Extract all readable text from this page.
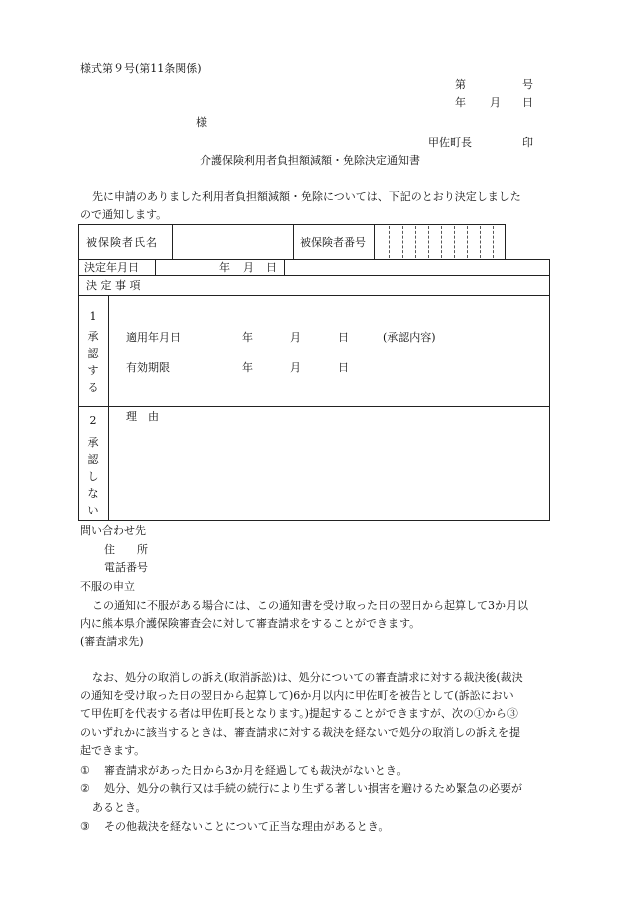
様式第９号(第11条関係)
第	号
年 月 日
様
甲佐町長	印
介護保険利用者負担額減額・免除決定通知書
先に申請のありました利用者負担額減額・免除については、下記のとおり決定しました
ので通知します。
被保険者氏名	被保険者番号
決定年月日	年 月 日
決 定 事 項
1
承
認
す
る
適用年月日	年	月	日	(承認内容)
有効期限	年	月	日
2
承
認
し
な
い
理　由
問い合わせ先
住　　所
電話番号
不服の申立
この通知に不服がある場合には、この通知書を受け取った日の翌日から起算して3か月以
内に熊本県介護保険審査会に対して審査請求をすることができます。
(審査請求先)
なお、処分の取消しの訴え(取消訴訟)は、処分についての審査請求に対する裁決後(裁決
の通知を受け取った日の翌日から起算して)6か月以内に甲佐町を被告として(訴訟におい
て甲佐町を代表する者は甲佐町長となります。)提起することができますが、次の①から③
のいずれかに該当するときは、審査請求に対する裁決を経ないで処分の取消しの訴えを提
起できます。
① 審査請求があった日から3か月を経過しても裁決がないとき。
② 処分、処分の執行又は手続の続行により生ずる著しい損害を避けるため緊急の必要が
あるとき。
③ その他裁決を経ないことについて正当な理由があるとき。
